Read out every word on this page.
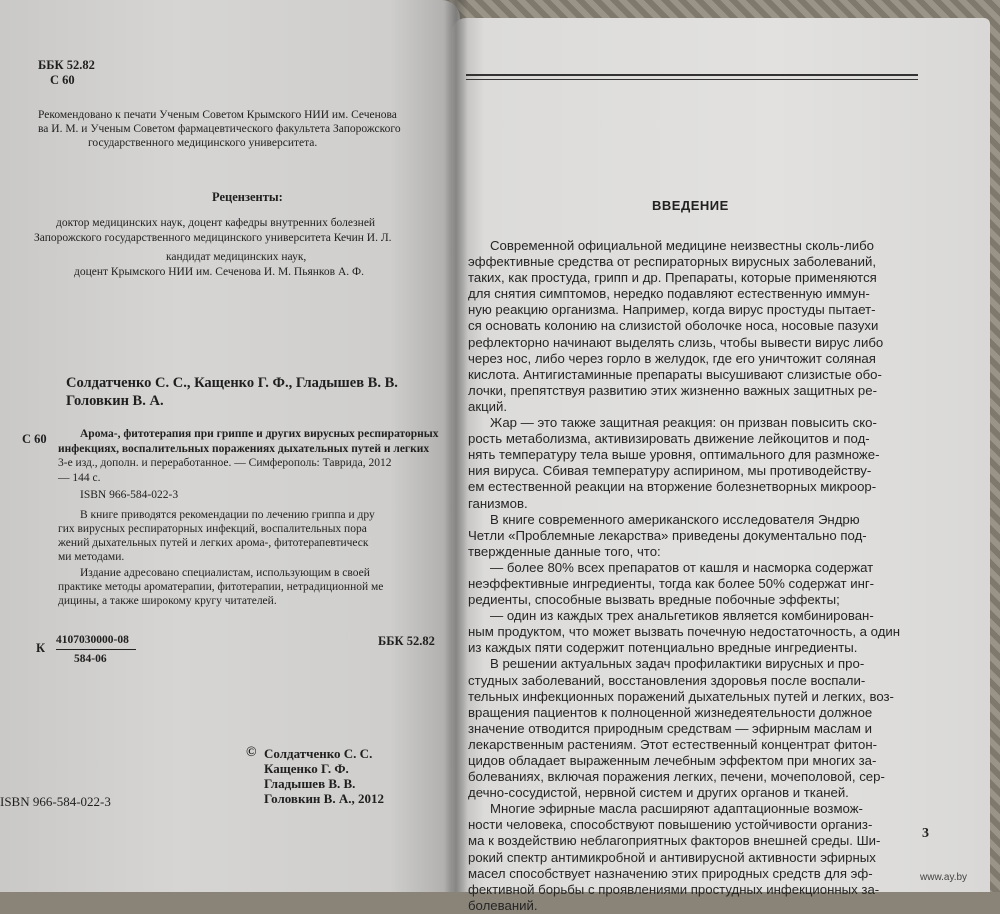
ББК 52.82
С 60
Рекомендовано к печати Ученым Советом Крымского НИИ им. Сеченова
ва И. М. и Ученым Советом фармацевтического факультета Запорожского
государственного медицинского университета.
Рецензенты:
доктор медицинских наук, доцент кафедры внутренних болезней
Запорожского государственного медицинского университета Кечин И. Л.
кандидат медицинских наук,
доцент Крымского НИИ им. Сеченова И. М. Пьянков А. Ф.
Солдатченко С. С., Кащенко Г. Ф., Гладышев В. В.
Головкин В. А.
С 60	Арома-, фитотерапия при гриппе и других вирусных респираторных
инфекциях, воспалительных поражениях дыхательных путей и легких
3-е изд., дополн. и переработанное. — Симферополь: Таврида, 2012
— 144 с.
ISBN 966-584-022-3
В книге приводятся рекомендации по лечению гриппа и дру
гих вирусных респираторных инфекций, воспалительных пора
жений дыхательных путей и легких арома-, фитотерапевтическ
ми методами.
Издание адресовано специалистам, использующим в своей
практике методы ароматерапии, фитотерапии, нетрадиционной ме
дицины, а также широкому кругу читателей.
К
4107030000-08
584-06
ББК 52.82
© Солдатченко С. С.
Кащенко Г. Ф.
Гладышев В. В.
Головкин В. А., 2012
ISBN 966-584-022-3
ВВЕДЕНИЕ
Современной официальной медицине неизвестны сколь-либо
эффективные средства от респираторных вирусных заболеваний,
таких, как простуда, грипп и др. Препараты, которые применяются
для снятия симптомов, нередко подавляют естественную иммун-
ную реакцию организма. Например, когда вирус простуды пытает-
ся основать колонию на слизистой оболочке носа, носовые пазухи
рефлекторно начинают выделять слизь, чтобы вывести вирус либо
через нос, либо через горло в желудок, где его уничтожит соляная
кислота. Антигистаминные препараты высушивают слизистые обо-
лочки, препятствуя развитию этих жизненно важных защитных ре-
акций.
Жар — это также защитная реакция: он призван повысить ско-
рость метаболизма, активизировать движение лейкоцитов и под-
нять температуру тела выше уровня, оптимального для размноже-
ния вируса. Сбивая температуру аспирином, мы противодейству-
ем естественной реакции на вторжение болезнетворных микроор-
ганизмов.
В книге современного американского исследователя Эндрю
Четли «Проблемные лекарства» приведены документально под-
твержденные данные того, что:
— более 80% всех препаратов от кашля и насморка содержат
неэффективные ингредиенты, тогда как более 50% содержат инг-
редиенты, способные вызвать вредные побочные эффекты;
— один из каждых трех анальгетиков является комбинирован-
ным продуктом, что может вызвать почечную недостаточность, а один
из каждых пяти содержит потенциально вредные ингредиенты.
В решении актуальных задач профилактики вирусных и про-
студных заболеваний, восстановления здоровья после воспали-
тельных инфекционных поражений дыхательных путей и легких, воз-
вращения пациентов к полноценной жизнедеятельности должное
значение отводится природным средствам — эфирным маслам и
лекарственным растениям. Этот естественный концентрат фитон-
цидов обладает выраженным лечебным эффектом при многих за-
болеваниях, включая поражения легких, печени, мочеполовой, сер-
дечно-сосудистой, нервной систем и других органов и тканей.
Многие эфирные масла расширяют адаптационные возмож-
ности человека, способствуют повышению устойчивости организ-
ма к воздействию неблагоприятных факторов внешней среды. Ши-
рокий спектр антимикробной и антивирусной активности эфирных
масел способствует назначению этих природных средств для эф-
фективной борьбы с проявлениями простудных инфекционных за-
болеваний.
3
www.ay.by
